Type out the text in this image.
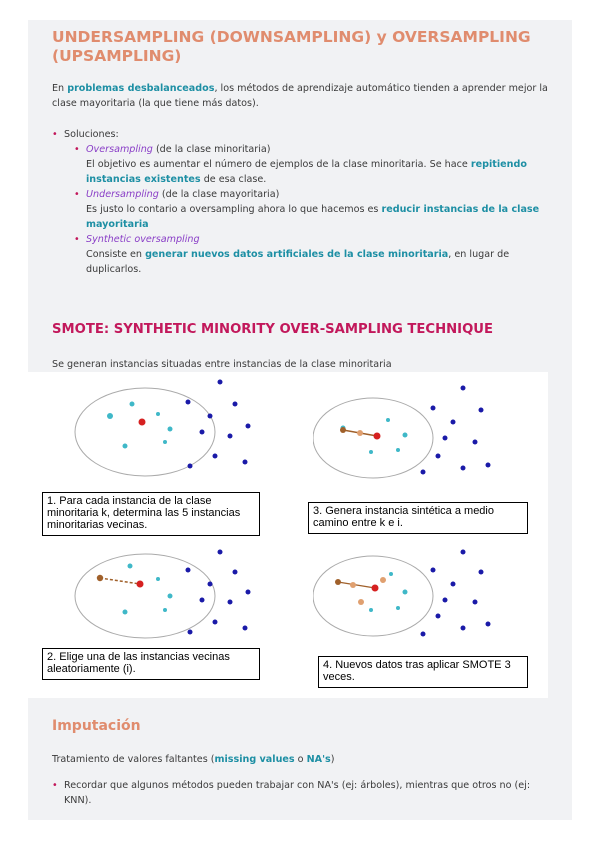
UNDERSAMPLING (DOWNSAMPLING) y OVERSAMPLING (UPSAMPLING)

En problemas desbalanceados, los métodos de aprendizaje automático tienden a aprender mejor la clase mayoritaria (la que tiene más datos).

• Soluciones:
• Oversampling (de la clase minoritaria)
El objetivo es aumentar el número de ejemplos de la clase minoritaria. Se hace repitiendo instancias existentes de esa clase.
• Undersampling (de la clase mayoritaria)
Es justo lo contario a oversampling ahora lo que hacemos es reducir instancias de la clase mayoritaria
• Synthetic oversampling
Consiste en generar nuevos datos artificiales de la clase minoritaria, en lugar de duplicarlos.
SMOTE: SYNTHETIC MINORITY OVER-SAMPLING TECHNIQUE

Se generan instancias situadas entre instancias de la clase minoritaria

Imputación

Tratamiento de valores faltantes (missing values o NA's)

• Recordar que algunos métodos pueden trabajar con NA's (ej: árboles), mientras que otros no (ej: KNN).
1. Para cada instancia de la clase minoritaria k, determina las 5 instancias minoritarias vecinas.
3. Genera instancia sintética a medio camino entre k e i.
2. Elige una de las instancias vecinas aleatoriamente (i).	4. Nuevos datos tras aplicar SMOTE 3 veces.
